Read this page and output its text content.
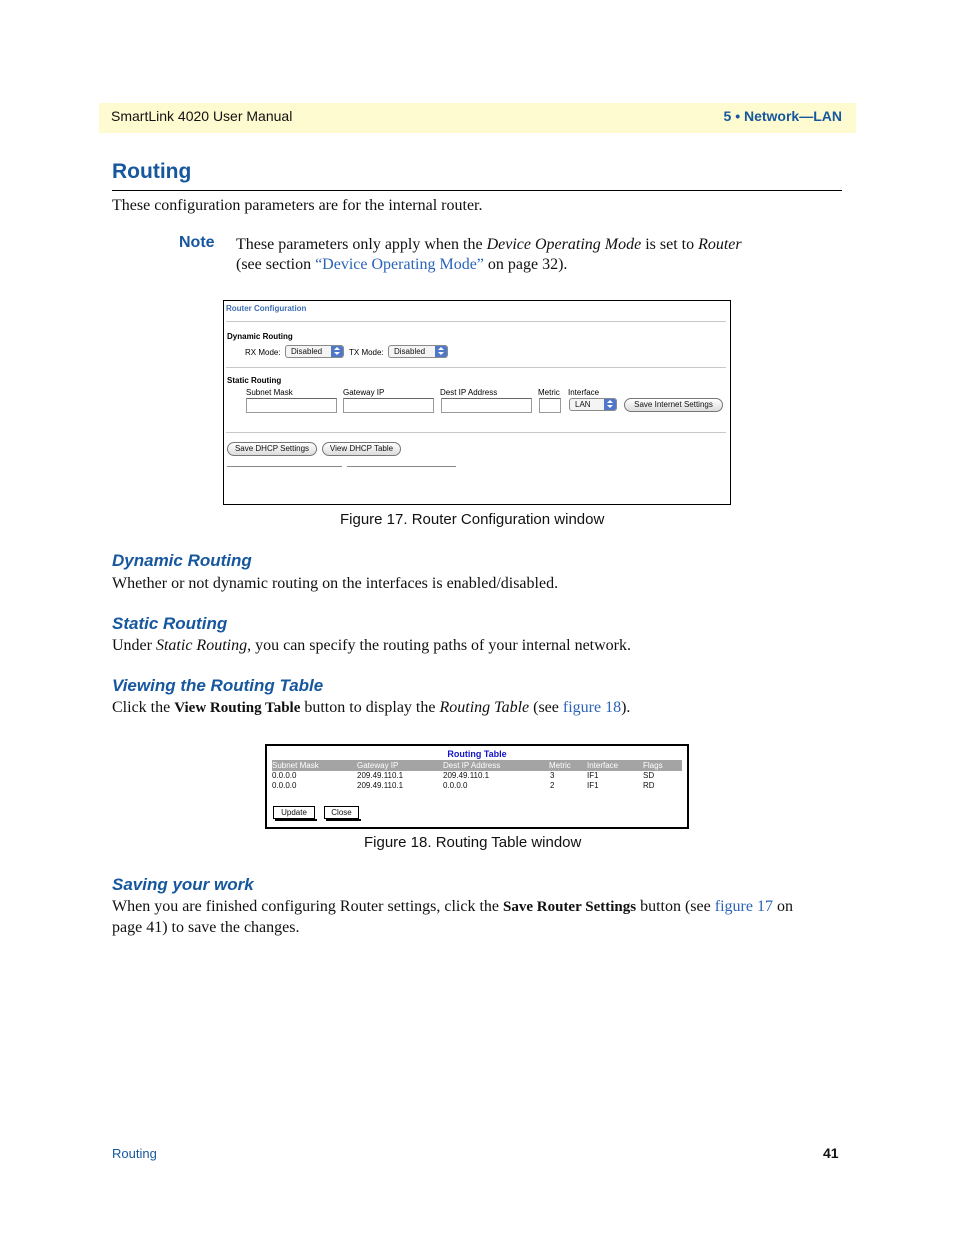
SmartLink 4020 User Manual	5 • Network—LAN
Routing
These configuration parameters are for the internal router.
Note These parameters only apply when the Device Operating Mode is set to Router
(see section “Device Operating Mode” on page 32).
Router Configuration
Dynamic Routing
RX Mode:	Disabled	TX Mode:	Disabled
Static Routing
Subnet Mask	Gateway IP	Dest IP Address	Metric Interface
LAN	Save Internet Settings
Save DHCP Settings	View DHCP Table
Figure 17. Router Configuration window
Dynamic Routing
Whether or not dynamic routing on the interfaces is enabled/disabled.
Static Routing
Under Static Routing, you can specify the routing paths of your internal network.
Viewing the Routing Table
Click the View Routing Table button to display the Routing Table (see figure 18).
Routing Table
Subnet Mask	Gateway IP	Dest IP Address	Metric Interface	Flags
0.0.0.0	209.49.110.1	209.49.110.1	3	IF1	SD
0.0.0.0	209.49.110.1	0.0.0.0	2	IF1	RD
Update	Close
Figure 18. Routing Table window
Saving your work
When you are finished configuring Router settings, click the Save Router Settings button (see figure 17 on
page 41) to save the changes.
Routing	41
